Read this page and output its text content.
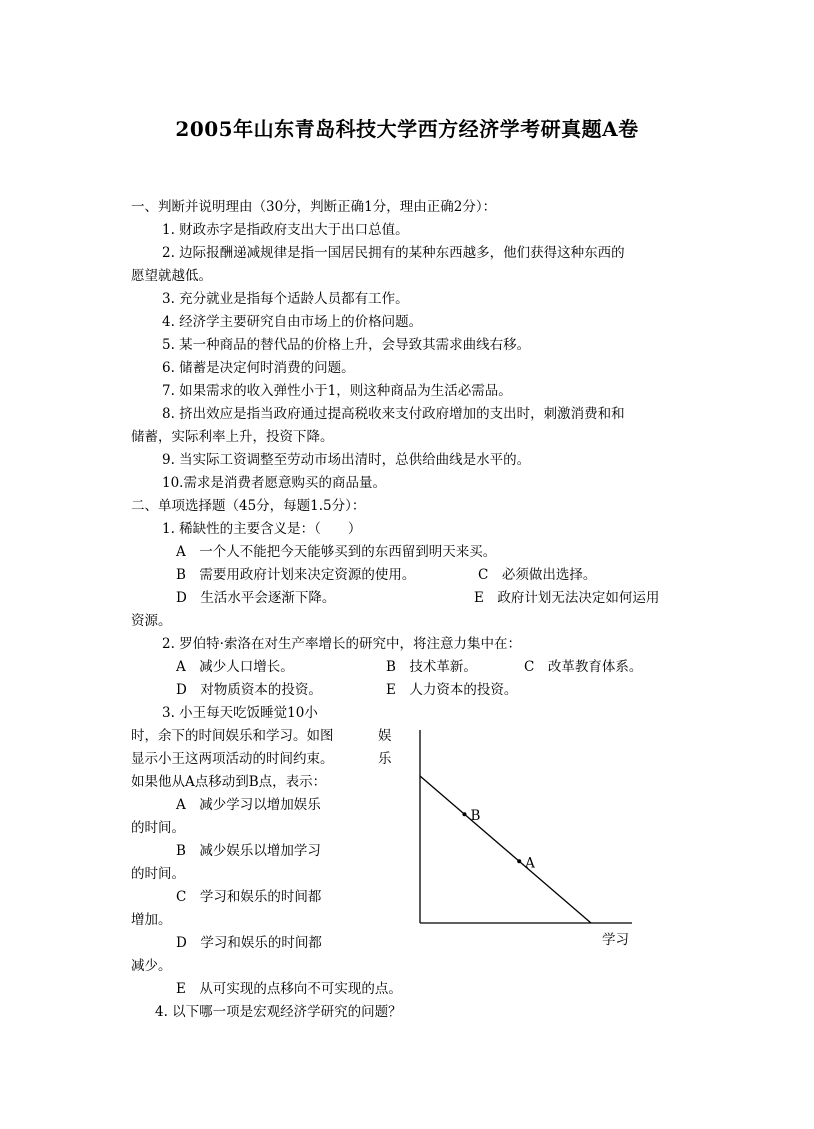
2005年山东青岛科技大学西方经济学考研真题A卷
一、判断并说明理由（30分，判断正确1分，理由正确2分）：
1. 财政赤字是指政府支出大于出口总值。
2. 边际报酬递减规律是指一国居民拥有的某种东西越多，他们获得这种东西的
愿望就越低。
3. 充分就业是指每个适龄人员都有工作。
4. 经济学主要研究自由市场上的价格问题。
5. 某一种商品的替代品的价格上升，会导致其需求曲线右移。
6. 储蓄是决定何时消费的问题。
7. 如果需求的收入弹性小于1，则这种商品为生活必需品。
8. 挤出效应是指当政府通过提高税收来支付政府增加的支出时，刺激消费和和
储蓄，实际利率上升，投资下降。
9. 当实际工资调整至劳动市场出清时，总供给曲线是水平的。
10.需求是消费者愿意购买的商品量。
二、单项选择题（45分，每题1.5分）：
1. 稀缺性的主要含义是：（　　）
A　一个人不能把今天能够买到的东西留到明天来买。
B　需要用政府计划来决定资源的使用。	C　必须做出选择。
D　生活水平会逐渐下降。	E　政府计划无法决定如何运用
资源。
2. 罗伯特·索洛在对生产率增长的研究中，将注意力集中在：
A　减少人口增长。	B　技术革新。	C　改革教育体系。
D　对物质资本的投资。	E　人力资本的投资。
3. 小王每天吃饭睡觉10小
时，余下的时间娱乐和学习。如图
显示小王这两项活动的时间约束。
如果他从A点移动到B点，表示：
A　减少学习以增加娱乐
的时间。
B　减少娱乐以增加学习
的时间。
C　学习和娱乐的时间都
增加。
D　学习和娱乐的时间都
减少。
E　从可实现的点移向不可实现的点。
4. 以下哪一项是宏观经济学研究的问题？
娱
乐
B
A
学习
